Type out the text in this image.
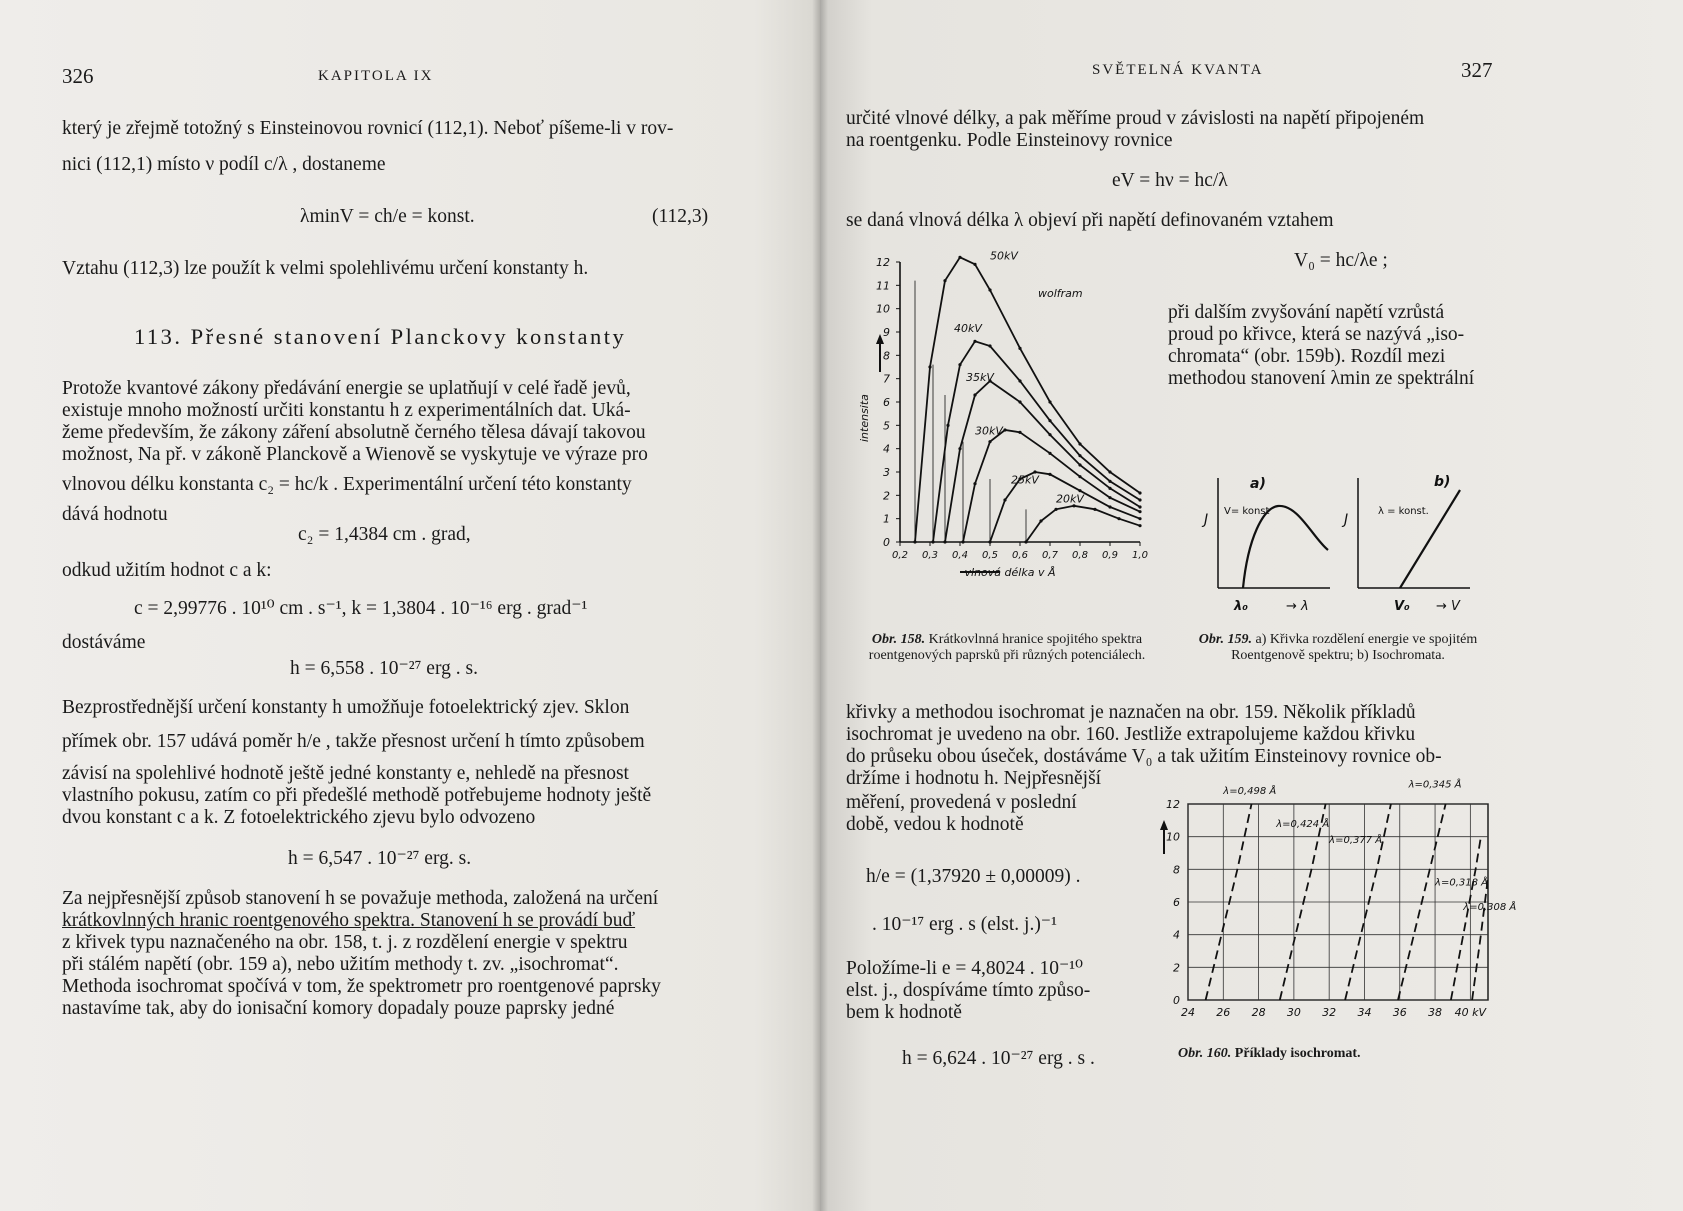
326	KAPITOLA IX
který je zřejmě totožný s Einsteinovou rovnicí (112,1). Neboť píšeme-li v rov-
nici (112,1) místo ν podíl c/λ , dostaneme
λminV = ch/e = konst.	(112,3)
Vztahu (112,3) lze použít k velmi spolehlivému určení konstanty h.
113. Přesné stanovení Planckovy konstanty
Protože kvantové zákony předávání energie se uplatňují v celé řadě jevů,
existuje mnoho možností určiti konstantu h z experimentálních dat. Uká-
žeme především, že zákony záření absolutně černého tělesa dávají takovou
možnost, Na př. v zákoně Planckově a Wienově se vyskytuje ve výraze pro
vlnovou délku konstanta c₂ = hc/k . Experimentální určení této konstanty
dává hodnotu
c₂ = 1,4384 cm . grad,
odkud užitím hodnot c a k:
c = 2,99776 . 10¹⁰ cm . s⁻¹, k = 1,3804 . 10⁻¹⁶ erg . grad⁻¹
dostáváme
h = 6,558 . 10⁻²⁷ erg . s.
Bezprostřednější určení konstanty h umožňuje fotoelektrický zjev. Sklon
přímek obr. 157 udává poměr h/e , takže přesnost určení h tímto způsobem
závisí na spolehlivé hodnotě ještě jedné konstanty e, nehledě na přesnost
vlastního pokusu, zatím co při předešlé methodě potřebujeme hodnoty ještě
dvou konstant c a k. Z fotoelektrického zjevu bylo odvozeno
h = 6,547 . 10⁻²⁷ erg. s.
Za nejpřesnější způsob stanovení h se považuje methoda, založená na určení
krátkovlnných hranic roentgenového spektra. Stanovení h se provádí buď
z křivek typu naznačeného na obr. 158, t. j. z rozdělení energie v spektru
při stálém napětí (obr. 159 a), nebo užitím methody t. zv. „isochromat“.
Methoda isochromat spočívá v tom, že spektrometr pro roentgenové paprsky
nastavíme tak, aby do ionisační komory dopadaly pouze paprsky jedné
SVĚTELNÁ KVANTA	327
určité vlnové délky, a pak měříme proud v závislosti na napětí připojeném
na roentgenku. Podle Einsteinovy rovnice
eV = hν = hc/λ
se daná vlnová délka λ objeví při napětí definovaném vztahem
V₀ = hc/λe ;
při dalším zvyšování napětí vzrůstá
proud po křivce, která se nazývá „iso-
chromata“ (obr. 159b). Rozdíl mezi
methodou stanovení λmin ze spektrální
0
1
2
3
4
5
6
7
8
9
10
11
12
0,2 0,3 0,4 0,5 0,6 0,7 0,8 0,9 1,0
intensita
vlnová délka v Å
wolfram
50kV
40kV
35kV
30kV
25kV
20kV
Obr. 158. Krátkovlnná hranice spojitého spektra roentgenových paprsků při různých potenciálech.
a)
J
V= konst
λ₀	→ λ
b)
J
λ = konst.
V₀ → V
Obr. 159. a) Křivka rozdělení energie ve spojitém Roentgenově spektru; b) Isochromata.
křivky a methodou isochromat je naznačen na obr. 159. Několik příkladů
isochromat je uvedeno na obr. 160. Jestliže extrapolujeme každou křivku
do průseku obou úseček, dostáváme V₀ a tak užitím Einsteinovy rovnice ob-
držíme i hodnotu h. Nejpřesnější
měření, provedená v poslední
době, vedou k hodnotě
h/e = (1,37920 ± 0,00009) .
. 10⁻¹⁷ erg . s (elst. j.)⁻¹
Položíme-li e = 4,8024 . 10⁻¹⁰
elst. j., dospíváme tímto způso-
bem k hodnotě
h = 6,624 . 10⁻²⁷ erg . s .
0
2
4
6
8
10
12
24 26 28 30 32 34 36 38 40 kV
λ=0,498 Å
λ=0,424 Å
λ=0,377 Å
λ=0,345 Å
λ=0,318 Å
λ=0,308 Å
Obr. 160. Příklady isochromat.
